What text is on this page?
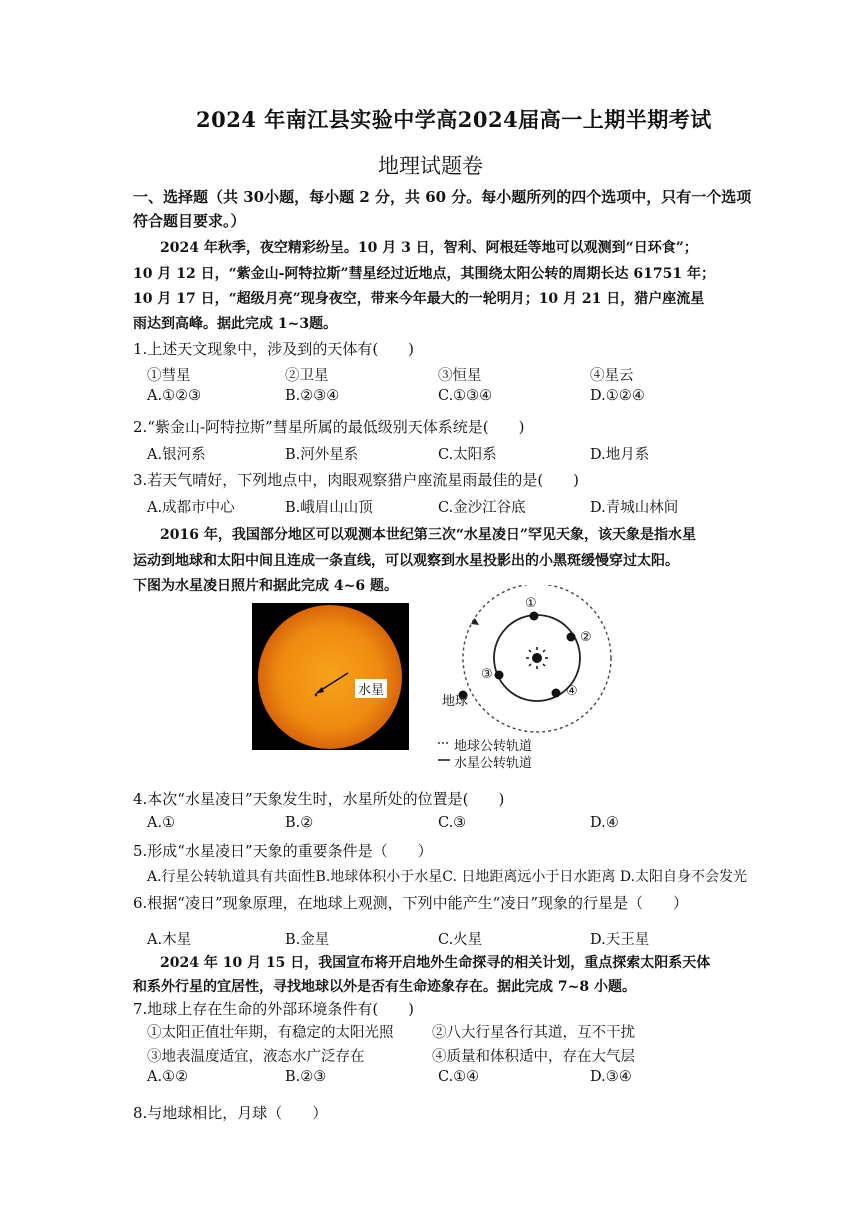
2024 年南江县实验中学高2024届高一上期半期考试
地理试题卷
一、选择题（共 30小题，每小题 2 分，共 60 分。每小题所列的四个选项中，只有一个选项
符合题目要求。）
2024 年秋季，夜空精彩纷呈。10 月 3 日，智利、阿根廷等地可以观测到“日环食”；
10 月 12 日，“紫金山-阿特拉斯”彗星经过近地点，其围绕太阳公转的周期长达 61751 年；
10 月 17 日，“超级月亮”现身夜空，带来今年最大的一轮明月；10 月 21 日，猎户座流星
雨达到高峰。据此完成 1~3题。
1.上述天文现象中，涉及到的天体有(　　)
①彗星	②卫星	③恒星	④星云
A.①②③	B.②③④	C.①③④	D.①②④
2.“紫金山-阿特拉斯”彗星所属的最低级别天体系统是(　　)
A.银河系	B.河外星系	C.太阳系	D.地月系
3.若天气晴好，下列地点中，肉眼观察猎户座流星雨最佳的是(　　)
A.成都市中心	B.峨眉山山顶	C.金沙江谷底	D.青城山林间
2016 年，我国部分地区可以观测本世纪第三次“水星凌日”罕见天象，该天象是指水星
运动到地球和太阳中间且连成一条直线，可以观察到水星投影出的小黑斑缓慢穿过太阳。
下图为水星凌日照片和据此完成 4~6 题。
水星
①
②
③
④
地球
地球公转轨道
水星公转轨道
4.本次“水星凌日”天象发生时，水星所处的位置是(　　)
A.①	B.②	C.③	D.④
5.形成“水星凌日”天象的重要条件是（　　）
A.行星公转轨道具有共面性B.地球体积小于水星C. 日地距离远小于日水距离 D.太阳自身不会发光
6.根据“凌日”现象原理，在地球上观测，下列中能产生“凌日”现象的行星是（　　）
A.木星	B.金星	C.火星	D.天王星
2024 年 10 月 15 日，我国宣布将开启地外生命探寻的相关计划，重点探索太阳系天体
和系外行星的宜居性，寻找地球以外是否有生命迹象存在。据此完成 7~8 小题。
7.地球上存在生命的外部环境条件有(　　)
①太阳正值壮年期，有稳定的太阳光照	②八大行星各行其道，互不干扰
③地表温度适宜，液态水广泛存在	④质量和体积适中，存在大气层
A.①②	B.②③	C.①④	D.③④
8.与地球相比，月球（　　）
